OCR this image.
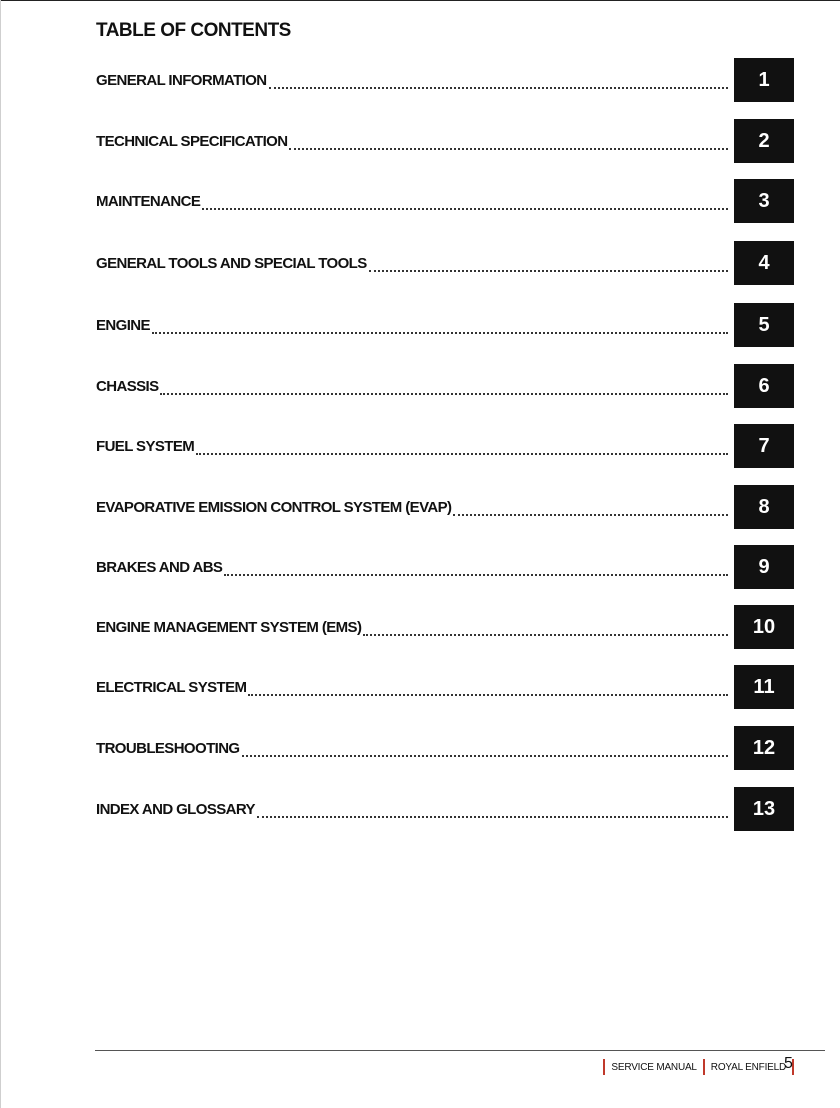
TABLE OF CONTENTS
GENERAL INFORMATION	1
TECHNICAL SPECIFICATION	2
MAINTENANCE	3
GENERAL TOOLS AND SPECIAL TOOLS	4
ENGINE	5
CHASSIS	6
FUEL SYSTEM	7
EVAPORATIVE EMISSION CONTROL SYSTEM (EVAP)	8
BRAKES AND ABS	9
ENGINE MANAGEMENT SYSTEM (EMS)	10
ELECTRICAL SYSTEM	11
TROUBLESHOOTING	12
INDEX AND GLOSSARY	13
SERVICE MANUAL ROYAL ENFIELD
5
